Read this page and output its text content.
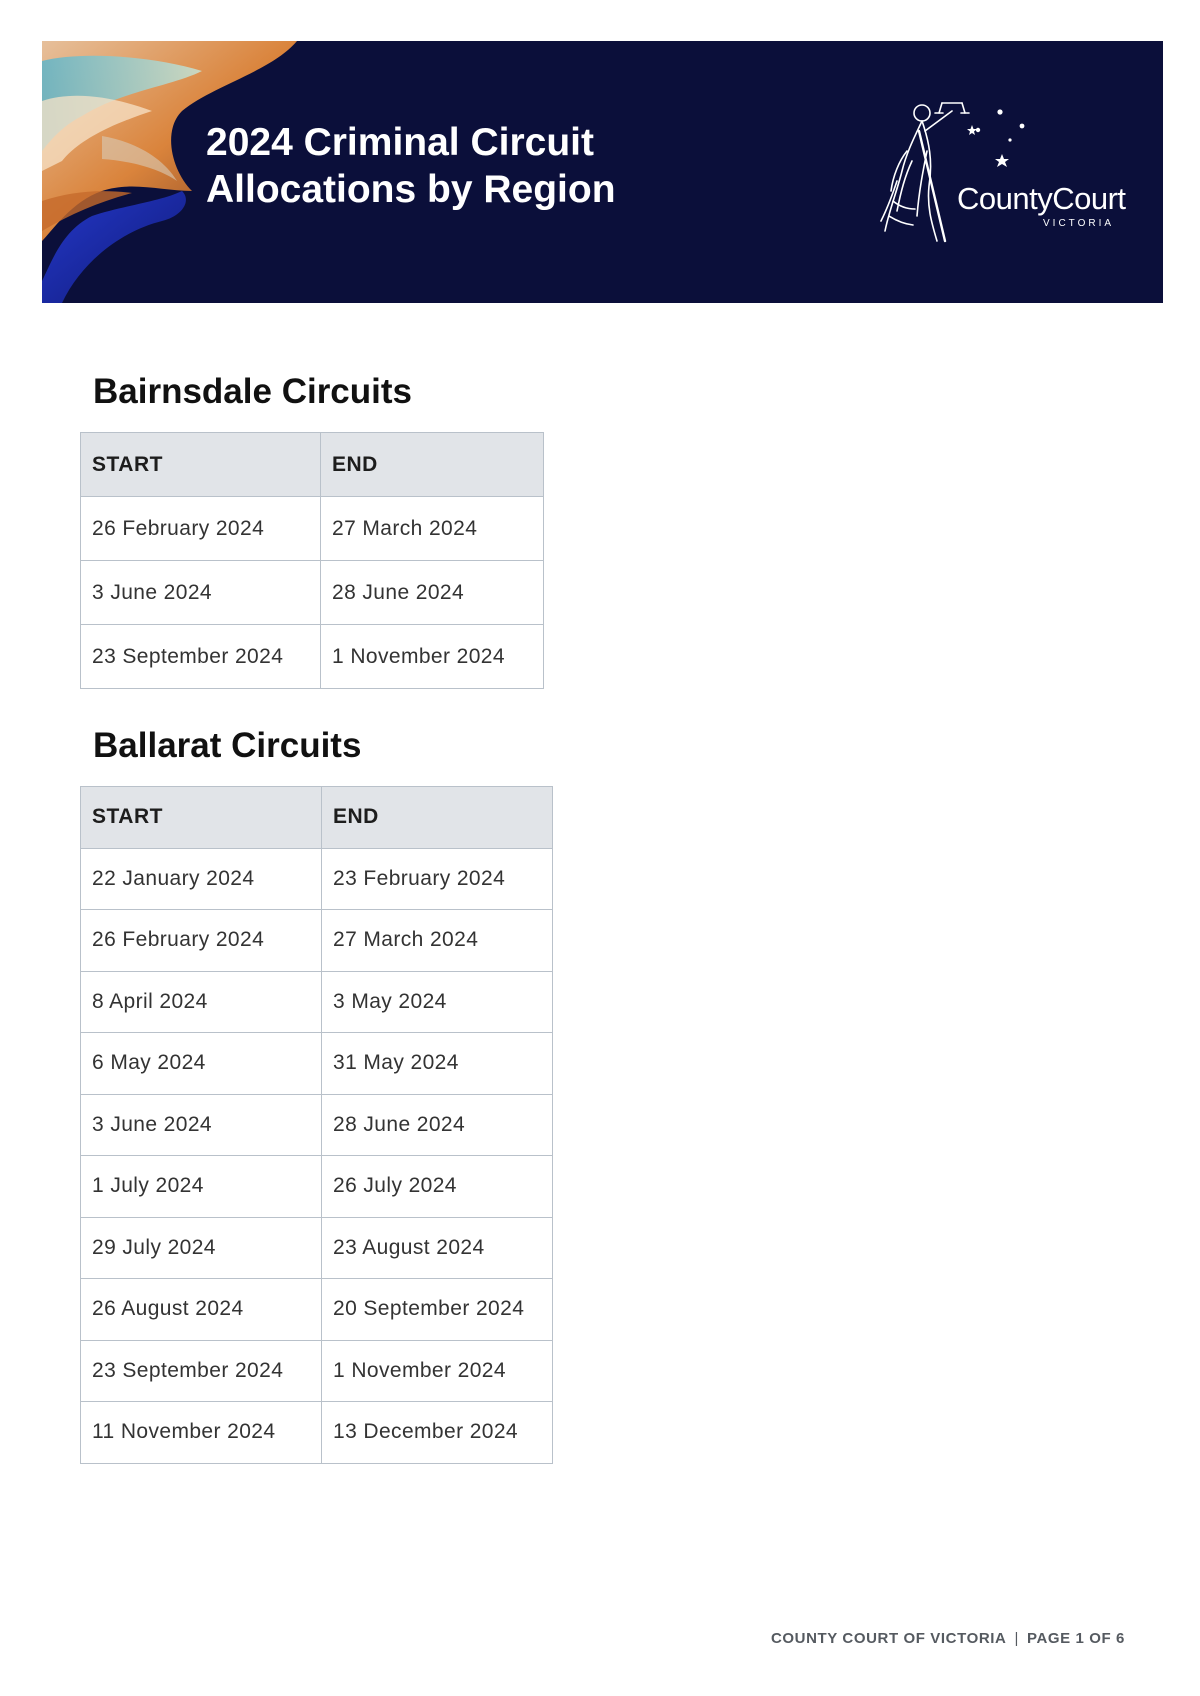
2024 Criminal Circuit
Allocations by Region	CountyCourt
VICTORIA
Bairnsdale Circuits
START	END
26 February 2024	27 March 2024
3 June 2024	28 June 2024
23 September 2024	1 November 2024
Ballarat Circuits
START	END
22 January 2024	23 February 2024
26 February 2024	27 March 2024
8 April 2024	3 May 2024
6 May 2024	31 May 2024
3 June 2024	28 June 2024
1 July 2024	26 July 2024
29 July 2024	23 August 2024
26 August 2024	20 September 2024
23 September 2024	1 November 2024
11 November 2024	13 December 2024
COUNTY COURT OF VICTORIA | PAGE 1 OF 6
